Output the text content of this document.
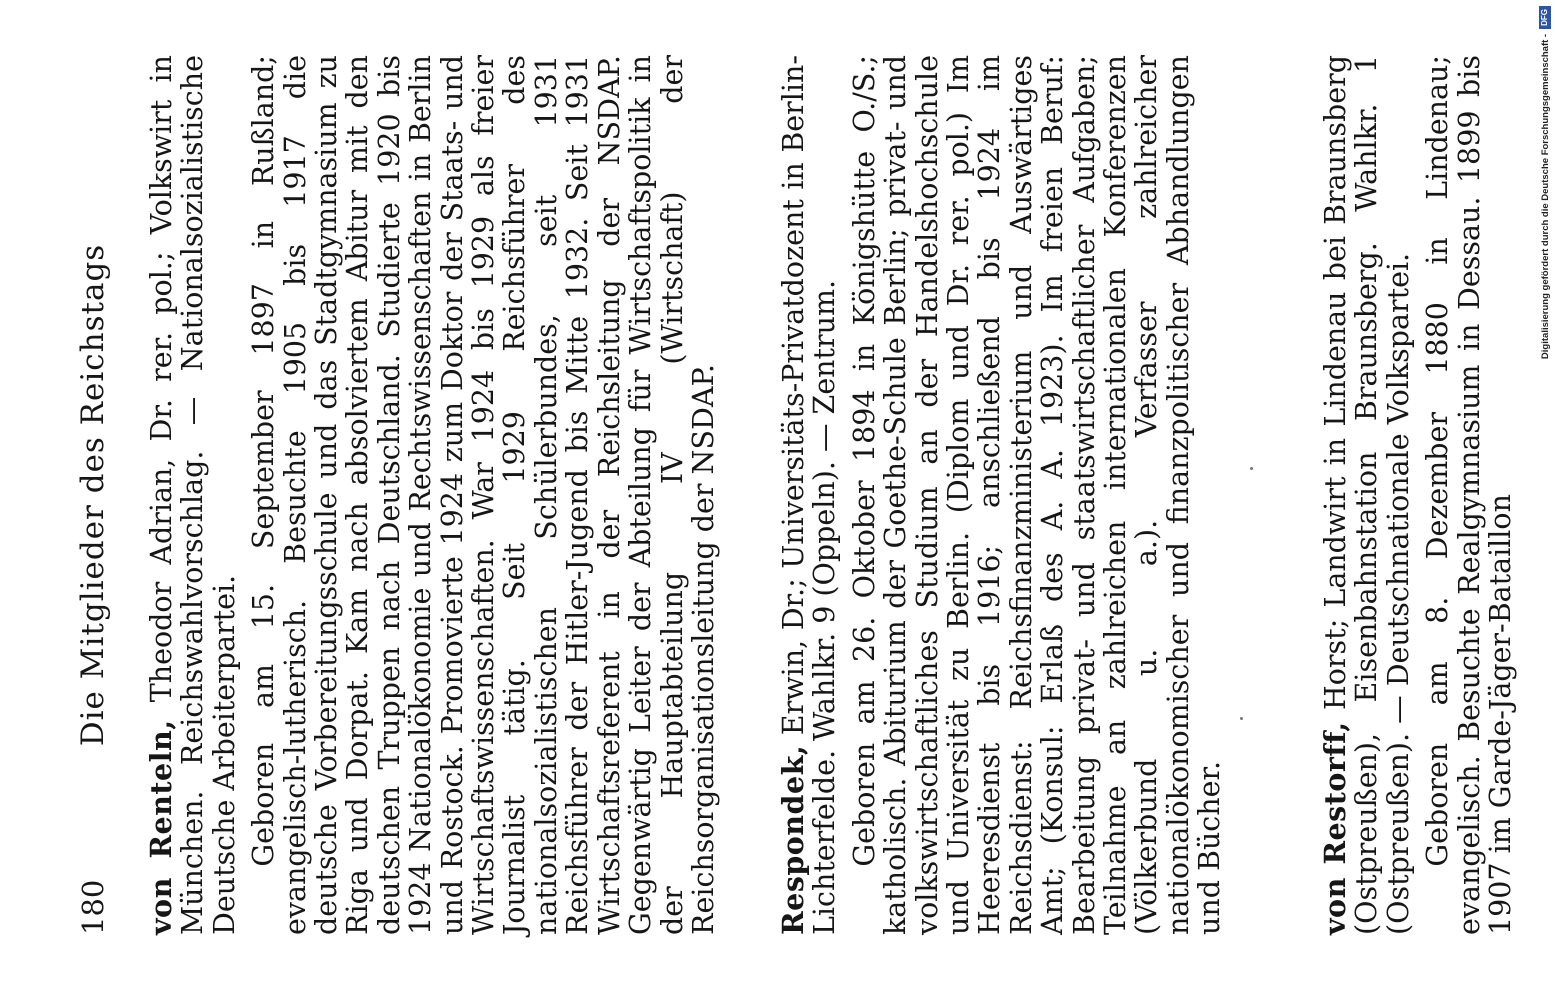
180
Die Mitglieder des Reichstags

von Renteln, Theodor Adrian, Dr. rer. pol.; Volkswirt in München. Reichswahlvorschlag. — Nationalsozialistische Deutsche Arbeiterpartei. Geboren am 15. September 1897 in Rußland; evangelisch-lutherisch. Besuchte 1905 bis 1917 die deutsche Vorbereitungsschule und das Stadtgymnasium zu Riga und Dorpat. Kam nach absolviertem Abitur mit den deutschen Truppen nach Deutschland. Studierte 1920 bis 1924 Nationalökonomie und Rechtswissenschaften in Berlin und Rostock. Promovierte 1924 zum Doktor der Staats- und Wirtschaftswissenschaften. War 1924 bis 1929 als freier Journalist tätig. Seit 1929 Reichsführer des nationalsozialistischen Schülerbundes, seit 1931 Reichsführer der Hitler-Jugend bis Mitte 1932. Seit 1931 Wirtschaftsreferent in der Reichsleitung der NSDAP. Gegenwärtig Leiter der Abteilung für Wirtschaftspolitik in der Hauptabteilung IV (Wirtschaft) der Reichsorganisationsleitung der NSDAP. Respondek, Erwin, Dr.; Universitäts-Privatdozent in Berlin-Lichterfelde. Wahlkr. 9 (Oppeln). — Zentrum. Geboren am 26. Oktober 1894 in Königshütte O./S.; katholisch. Abiturium der Goethe-Schule Berlin; privat- und volkswirtschaftliches Studium an der Handelshochschule und Universität zu Berlin. (Diplom und Dr. rer. pol.) Im Heeresdienst bis 1916; anschließend bis 1924 im Reichsdienst: Reichsfinanzministerium und Auswärtiges Amt; (Konsul: Erlaß des A. A. 1923). Im freien Beruf: Bearbeitung privat- und staatswirtschaftlicher Aufgaben; Teilnahme an zahlreichen internationalen Konferenzen (Völkerbund u. a.). Verfasser zahlreicher nationalökonomischer und finanzpolitischer Abhandlungen und Bücher.	von Restorff, Horst; Landwirt in Lindenau bei Braunsberg (Ostpreußen), Eisenbahnstation Braunsberg. Wahlkr. 1 (Ostpreußen). — Deutschnationale Volkspartei. Geboren am 8. Dezember 1880 in Lindenau; evangelisch. Besuchte Realgymnasium in Dessau. 1899 bis 1907 im Garde-Jäger-Bataillon

Digitalisierung gefördert durch die Deutsche Forschungsgemeinschaft -
DFG
